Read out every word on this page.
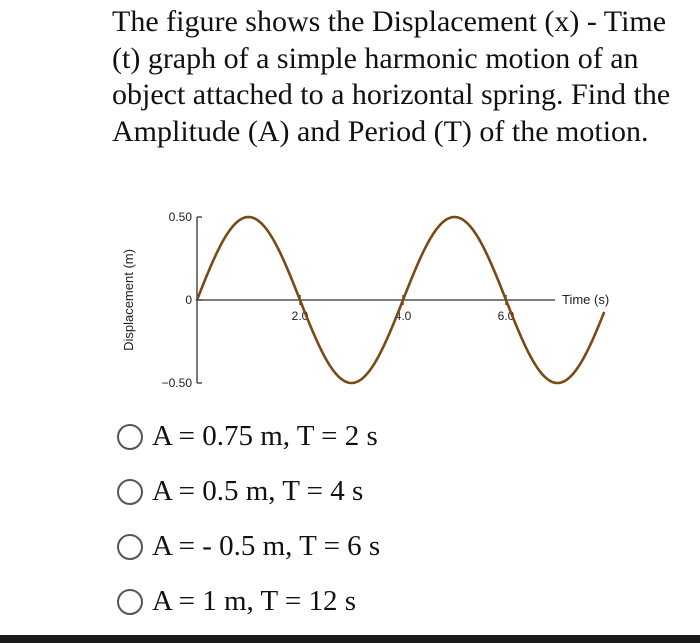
The figure shows the Displacement (x) - Time (t) graph of a simple harmonic motion of an object attached to a horizontal spring. Find the Amplitude (A) and Period (T) of the motion.

0.50
0
−0.50
2.0	4.0	6.0
Time (s)
Displacement (m)
A = 0.75 m, T = 2 s
A = 0.5 m, T = 4 s
A = - 0.5 m, T = 6 s
A = 1 m, T = 12 s
